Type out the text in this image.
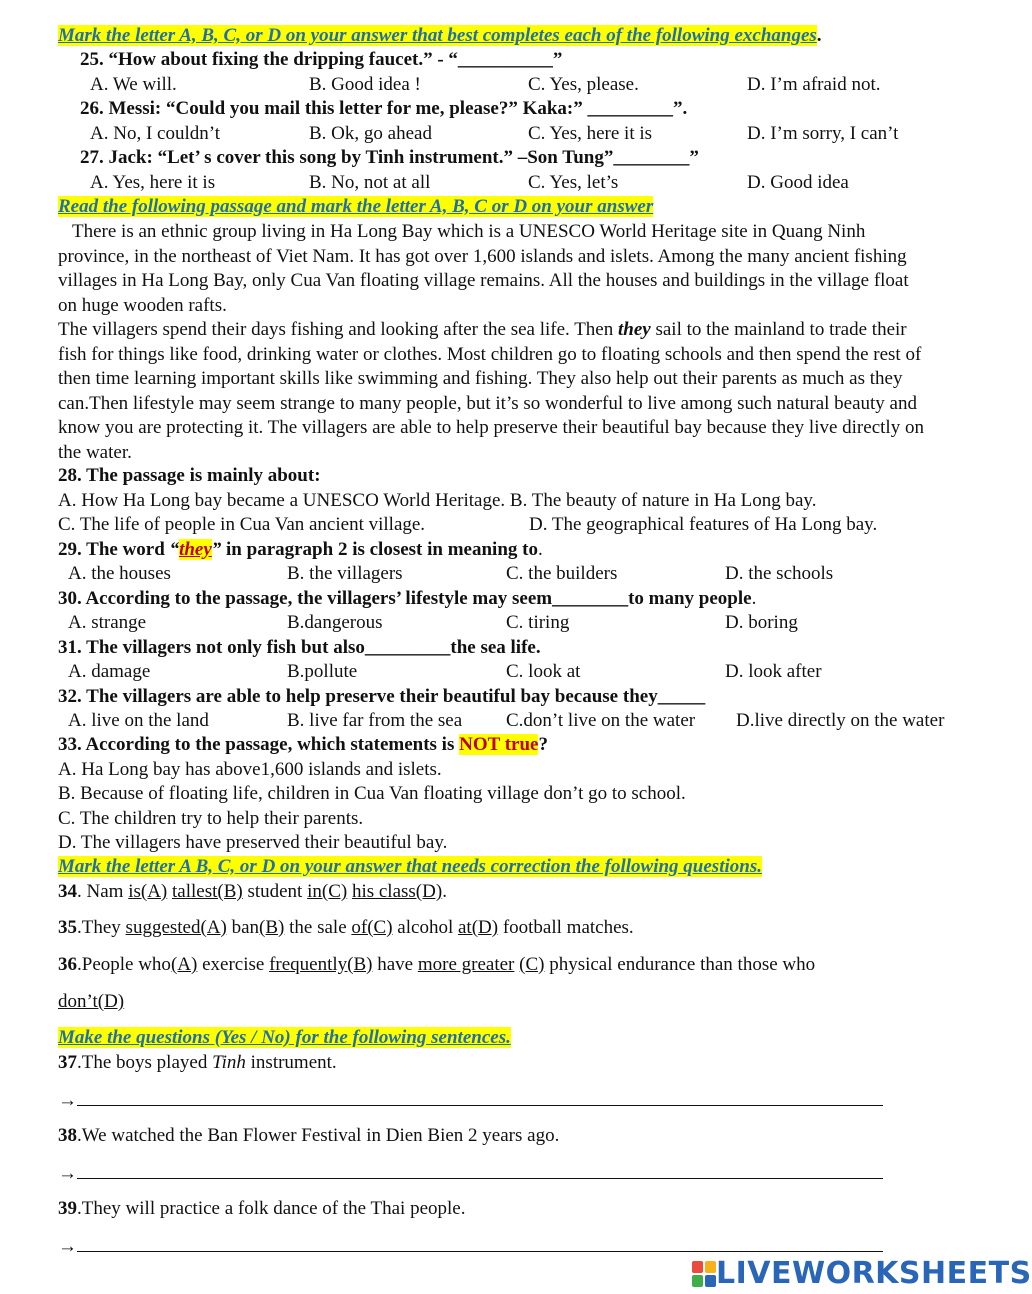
Mark the letter A, B, C, or D on your answer that best completes each of the following exchanges.
25. “How about fixing the dripping faucet.” - “__________”
A. We will.	B. Good idea !	C. Yes, please.	D. I’m afraid not.
26. Messi: “Could you mail this letter for me, please?” Kaka:” _________”.
A. No, I couldn’t	B. Ok, go ahead	C. Yes, here it is	D. I’m sorry, I can’t
27. Jack: “Let’ s cover this song by Tinh instrument.” –Son Tung”________”
A. Yes, here it is	B. No, not at all	C. Yes, let’s	D. Good idea
Read the following passage and mark the letter A, B, C or D on your answer
There is an ethnic group living in Ha Long Bay which is a UNESCO World Heritage site in Quang Ninh province, in the northeast of Viet Nam. It has got over 1,600 islands and islets. Among the many ancient fishing villages in Ha Long Bay, only Cua Van floating village remains. All the houses and buildings in the village float on huge wooden rafts.
The villagers spend their days fishing and looking after the sea life. Then they sail to the mainland to trade their fish for things like food, drinking water or clothes. Most children go to floating schools and then spend the rest of then time learning important skills like swimming and fishing. They also help out their parents as much as they can.Then lifestyle may seem strange to many people, but it’s so wonderful to live among such natural beauty and know you are protecting it. The villagers are able to help preserve their beautiful bay because they live directly on the water.
28. The passage is mainly about:
A. How Ha Long bay became a UNESCO World Heritage. B. The beauty of nature in Ha Long bay.
C. The life of people in Cua Van ancient village.	D. The geographical features of Ha Long bay.
29. The word “they” in paragraph 2 is closest in meaning to.
A. the houses	B. the villagers	C. the builders	D. the schools
30. According to the passage, the villagers’ lifestyle may seem________to many people.
A. strange	B.dangerous	C. tiring	D. boring
31. The villagers not only fish but also_________the sea life.
A. damage	B.pollute	C. look at	D. look after
32. The villagers are able to help preserve their beautiful bay because they_____
A. live on the land	B. live far from the sea C.don’t live on the water D.live directly on the water
33. According to the passage, which statements is NOT true?
A. Ha Long bay has above1,600 islands and islets.
B. Because of floating life, children in Cua Van floating village don’t go to school.
C. The children try to help their parents.
D. The villagers have preserved their beautiful bay.
Mark the letter A B, C, or D on your answer that needs correction the following questions.
34. Nam is(A) tallest(B) student in(C) his class(D).
35.They suggested(A) ban(B) the sale of(C) alcohol at(D) football matches.
36.People who(A) exercise frequently(B) have more greater (C) physical endurance than those who
don’t(D)
Make the questions (Yes / No) for the following sentences.
37.The boys played Tinh instrument.
→
38.We watched the Ban Flower Festival in Dien Bien 2 years ago.
→
39.They will practice a folk dance of the Thai people.
→
LIVEWORKSHEETS
